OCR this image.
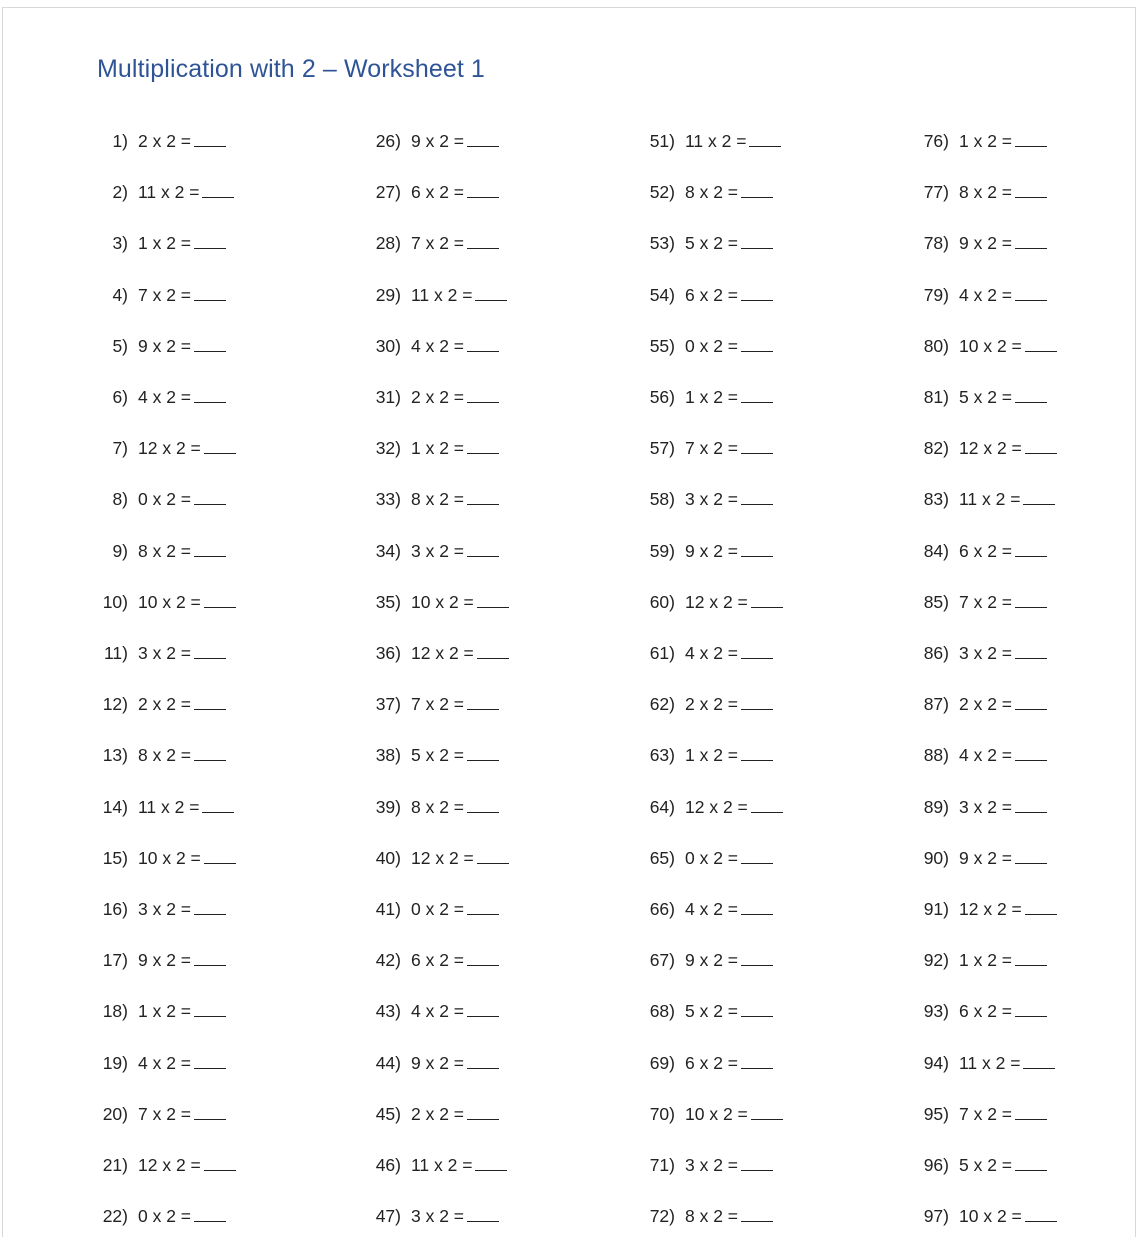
Multiplication with 2 – Worksheet 1
1) 2 x 2 =
2) 11 x 2 =
3) 1 x 2 =
4) 7 x 2 =
5) 9 x 2 =
6) 4 x 2 =
7) 12 x 2 =
8) 0 x 2 =
9) 8 x 2 =
10) 10 x 2 =
11) 3 x 2 =
12) 2 x 2 =
13) 8 x 2 =
14) 11 x 2 =
15) 10 x 2 =
16) 3 x 2 =
17) 9 x 2 =
18) 1 x 2 =
19) 4 x 2 =
20) 7 x 2 =
21) 12 x 2 =
22) 0 x 2 =
26) 9 x 2 =
27) 6 x 2 =
28) 7 x 2 =
29) 11 x 2 =
30) 4 x 2 =
31) 2 x 2 =
32) 1 x 2 =
33) 8 x 2 =
34) 3 x 2 =
35) 10 x 2 =
36) 12 x 2 =
37) 7 x 2 =
38) 5 x 2 =
39) 8 x 2 =
40) 12 x 2 =
41) 0 x 2 =
42) 6 x 2 =
43) 4 x 2 =
44) 9 x 2 =
45) 2 x 2 =
46) 11 x 2 =
47) 3 x 2 =
51) 11 x 2 =
52) 8 x 2 =
53) 5 x 2 =
54) 6 x 2 =
55) 0 x 2 =
56) 1 x 2 =
57) 7 x 2 =
58) 3 x 2 =
59) 9 x 2 =
60) 12 x 2 =
61) 4 x 2 =
62) 2 x 2 =
63) 1 x 2 =
64) 12 x 2 =
65) 0 x 2 =
66) 4 x 2 =
67) 9 x 2 =
68) 5 x 2 =
69) 6 x 2 =
70) 10 x 2 =
71) 3 x 2 =
72) 8 x 2 =
76) 1 x 2 =
77) 8 x 2 =
78) 9 x 2 =
79) 4 x 2 =
80) 10 x 2 =
81) 5 x 2 =
82) 12 x 2 =
83) 11 x 2 =
84) 6 x 2 =
85) 7 x 2 =
86) 3 x 2 =
87) 2 x 2 =
88) 4 x 2 =
89) 3 x 2 =
90) 9 x 2 =
91) 12 x 2 =
92) 1 x 2 =
93) 6 x 2 =
94) 11 x 2 =
95) 7 x 2 =
96) 5 x 2 =
97) 10 x 2 =
